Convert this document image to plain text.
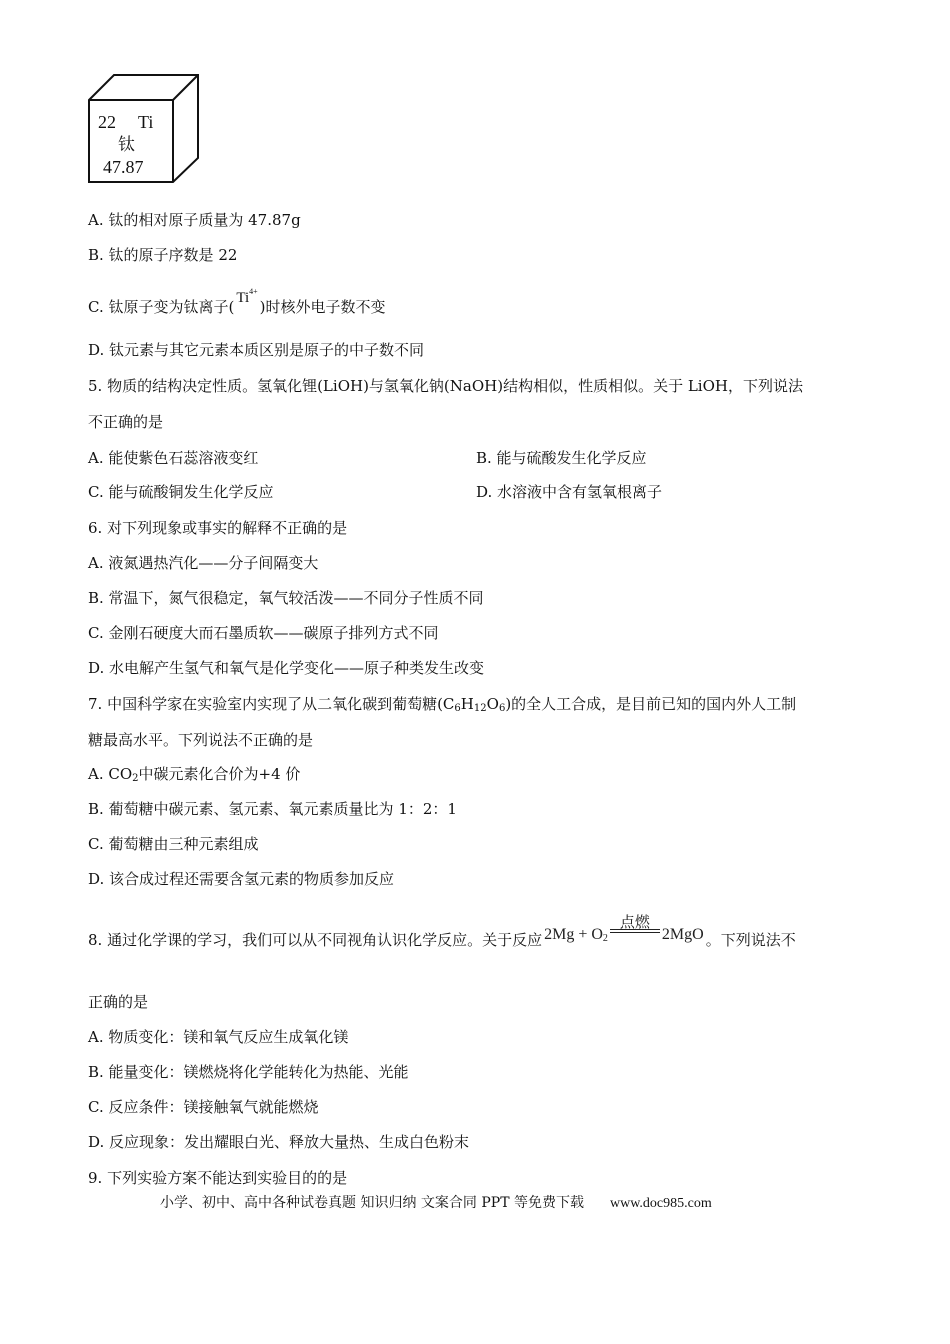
22 Ti
钛
47.87
A. 钛的相对原子质量为 47.87g
B. 钛的原子序数是 22
C. 钛原子变为钛离子( $Ti^{4+}$)时核外电子数不变
D. 钛元素与其它元素本质区别是原子的中子数不同
5. 物质的结构决定性质。氢氧化锂(LiOH)与氢氧化钠(NaOH)结构相似，性质相似。关于 LiOH，下列说法
不正确的是
A. 能使紫色石蕊溶液变红	B. 能与硫酸发生化学反应
C. 能与硫酸铜发生化学反应	D. 水溶液中含有氢氧根离子
6. 对下列现象或事实的解释不正确的是
A. 液氮遇热汽化——分子间隔变大
B. 常温下，氮气很稳定，氧气较活泼——不同分子性质不同
C. 金刚石硬度大而石墨质软——碳原子排列方式不同
D. 水电解产生氢气和氧气是化学变化——原子种类发生改变
7. 中国科学家在实验室内实现了从二氧化碳到葡萄糖$(C_6H_{12}O_6)$的全人工合成，是目前已知的国内外人工制
糖最高水平。下列说法不正确的是
A. $CO_2$中碳元素化合价为+4 价
B. 葡萄糖中碳元素、氢元素、氧元素质量比为 1：2：1
C. 葡萄糖由三种元素组成
D. 该合成过程还需要含氢元素的物质参加反应
8. 通过化学课的学习，我们可以从不同视角认识化学反应。关于反应 $2Mg + O_2$
点燃
2MgO 。下列说法不
正确的是
A. 物质变化：镁和氧气反应生成氧化镁
B. 能量变化：镁燃烧将化学能转化为热能、光能
C. 反应条件：镁接触氧气就能燃烧
D. 反应现象：发出耀眼白光、释放大量热、生成白色粉末
9. 下列实验方案不能达到实验目的的是
小学、初中、高中各种试卷真题 知识归纳 文案合同 PPT 等免费下载 www.doc985.com
